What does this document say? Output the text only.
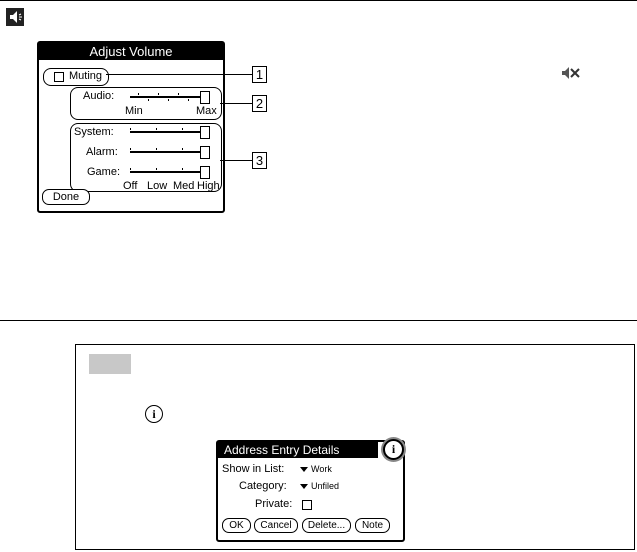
Adjust Volume
Muting
Audio:
Min	Max
System:
Alarm:
Game:
Off Low Med High
Done
1
2
3
i
Address Entry Details	i
Show in List:	Work
Category:	Unfiled
Private:
OK	Cancel	Delete...	Note
